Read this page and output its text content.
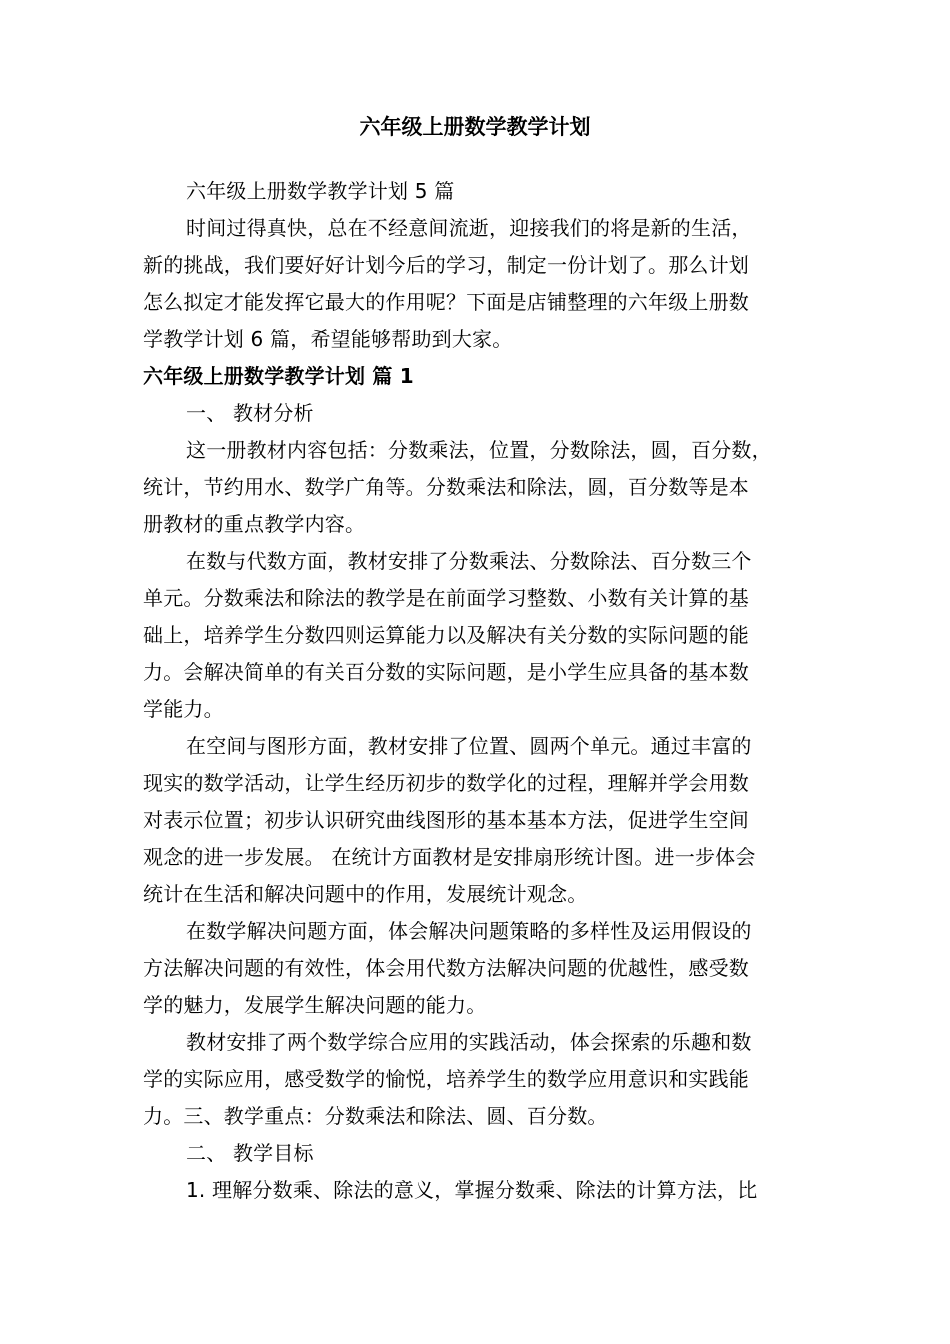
六年级上册数学教学计划
六年级上册数学教学计划 5 篇
时间过得真快，总在不经意间流逝，迎接我们的将是新的生活，
新的挑战，我们要好好计划今后的学习，制定一份计划了。那么计划
怎么拟定才能发挥它最大的作用呢？下面是店铺整理的六年级上册数
学教学计划 6 篇，希望能够帮助到大家。
六年级上册数学教学计划 篇 1
一、 教材分析
这一册教材内容包括：分数乘法，位置，分数除法，圆，百分数，
统计，节约用水、数学广角等。分数乘法和除法，圆，百分数等是本
册教材的重点教学内容。
在数与代数方面，教材安排了分数乘法、分数除法、百分数三个
单元。分数乘法和除法的教学是在前面学习整数、小数有关计算的基
础上，培养学生分数四则运算能力以及解决有关分数的实际问题的能
力。会解决简单的有关百分数的实际问题，是小学生应具备的基本数
学能力。
在空间与图形方面，教材安排了位置、圆两个单元。通过丰富的
现实的数学活动，让学生经历初步的数学化的过程，理解并学会用数
对表示位置；初步认识研究曲线图形的基本基本方法，促进学生空间
观念的进一步发展。 在统计方面教材是安排扇形统计图。进一步体会
统计在生活和解决问题中的作用，发展统计观念。
在数学解决问题方面，体会解决问题策略的多样性及运用假设的
方法解决问题的有效性，体会用代数方法解决问题的优越性，感受数
学的魅力，发展学生解决问题的能力。
教材安排了两个数学综合应用的实践活动，体会探索的乐趣和数
学的实际应用，感受数学的愉悦，培养学生的数学应用意识和实践能
力。三、教学重点：分数乘法和除法、圆、百分数。
二、 教学目标
1. 理解分数乘、除法的意义，掌握分数乘、除法的计算方法，比
